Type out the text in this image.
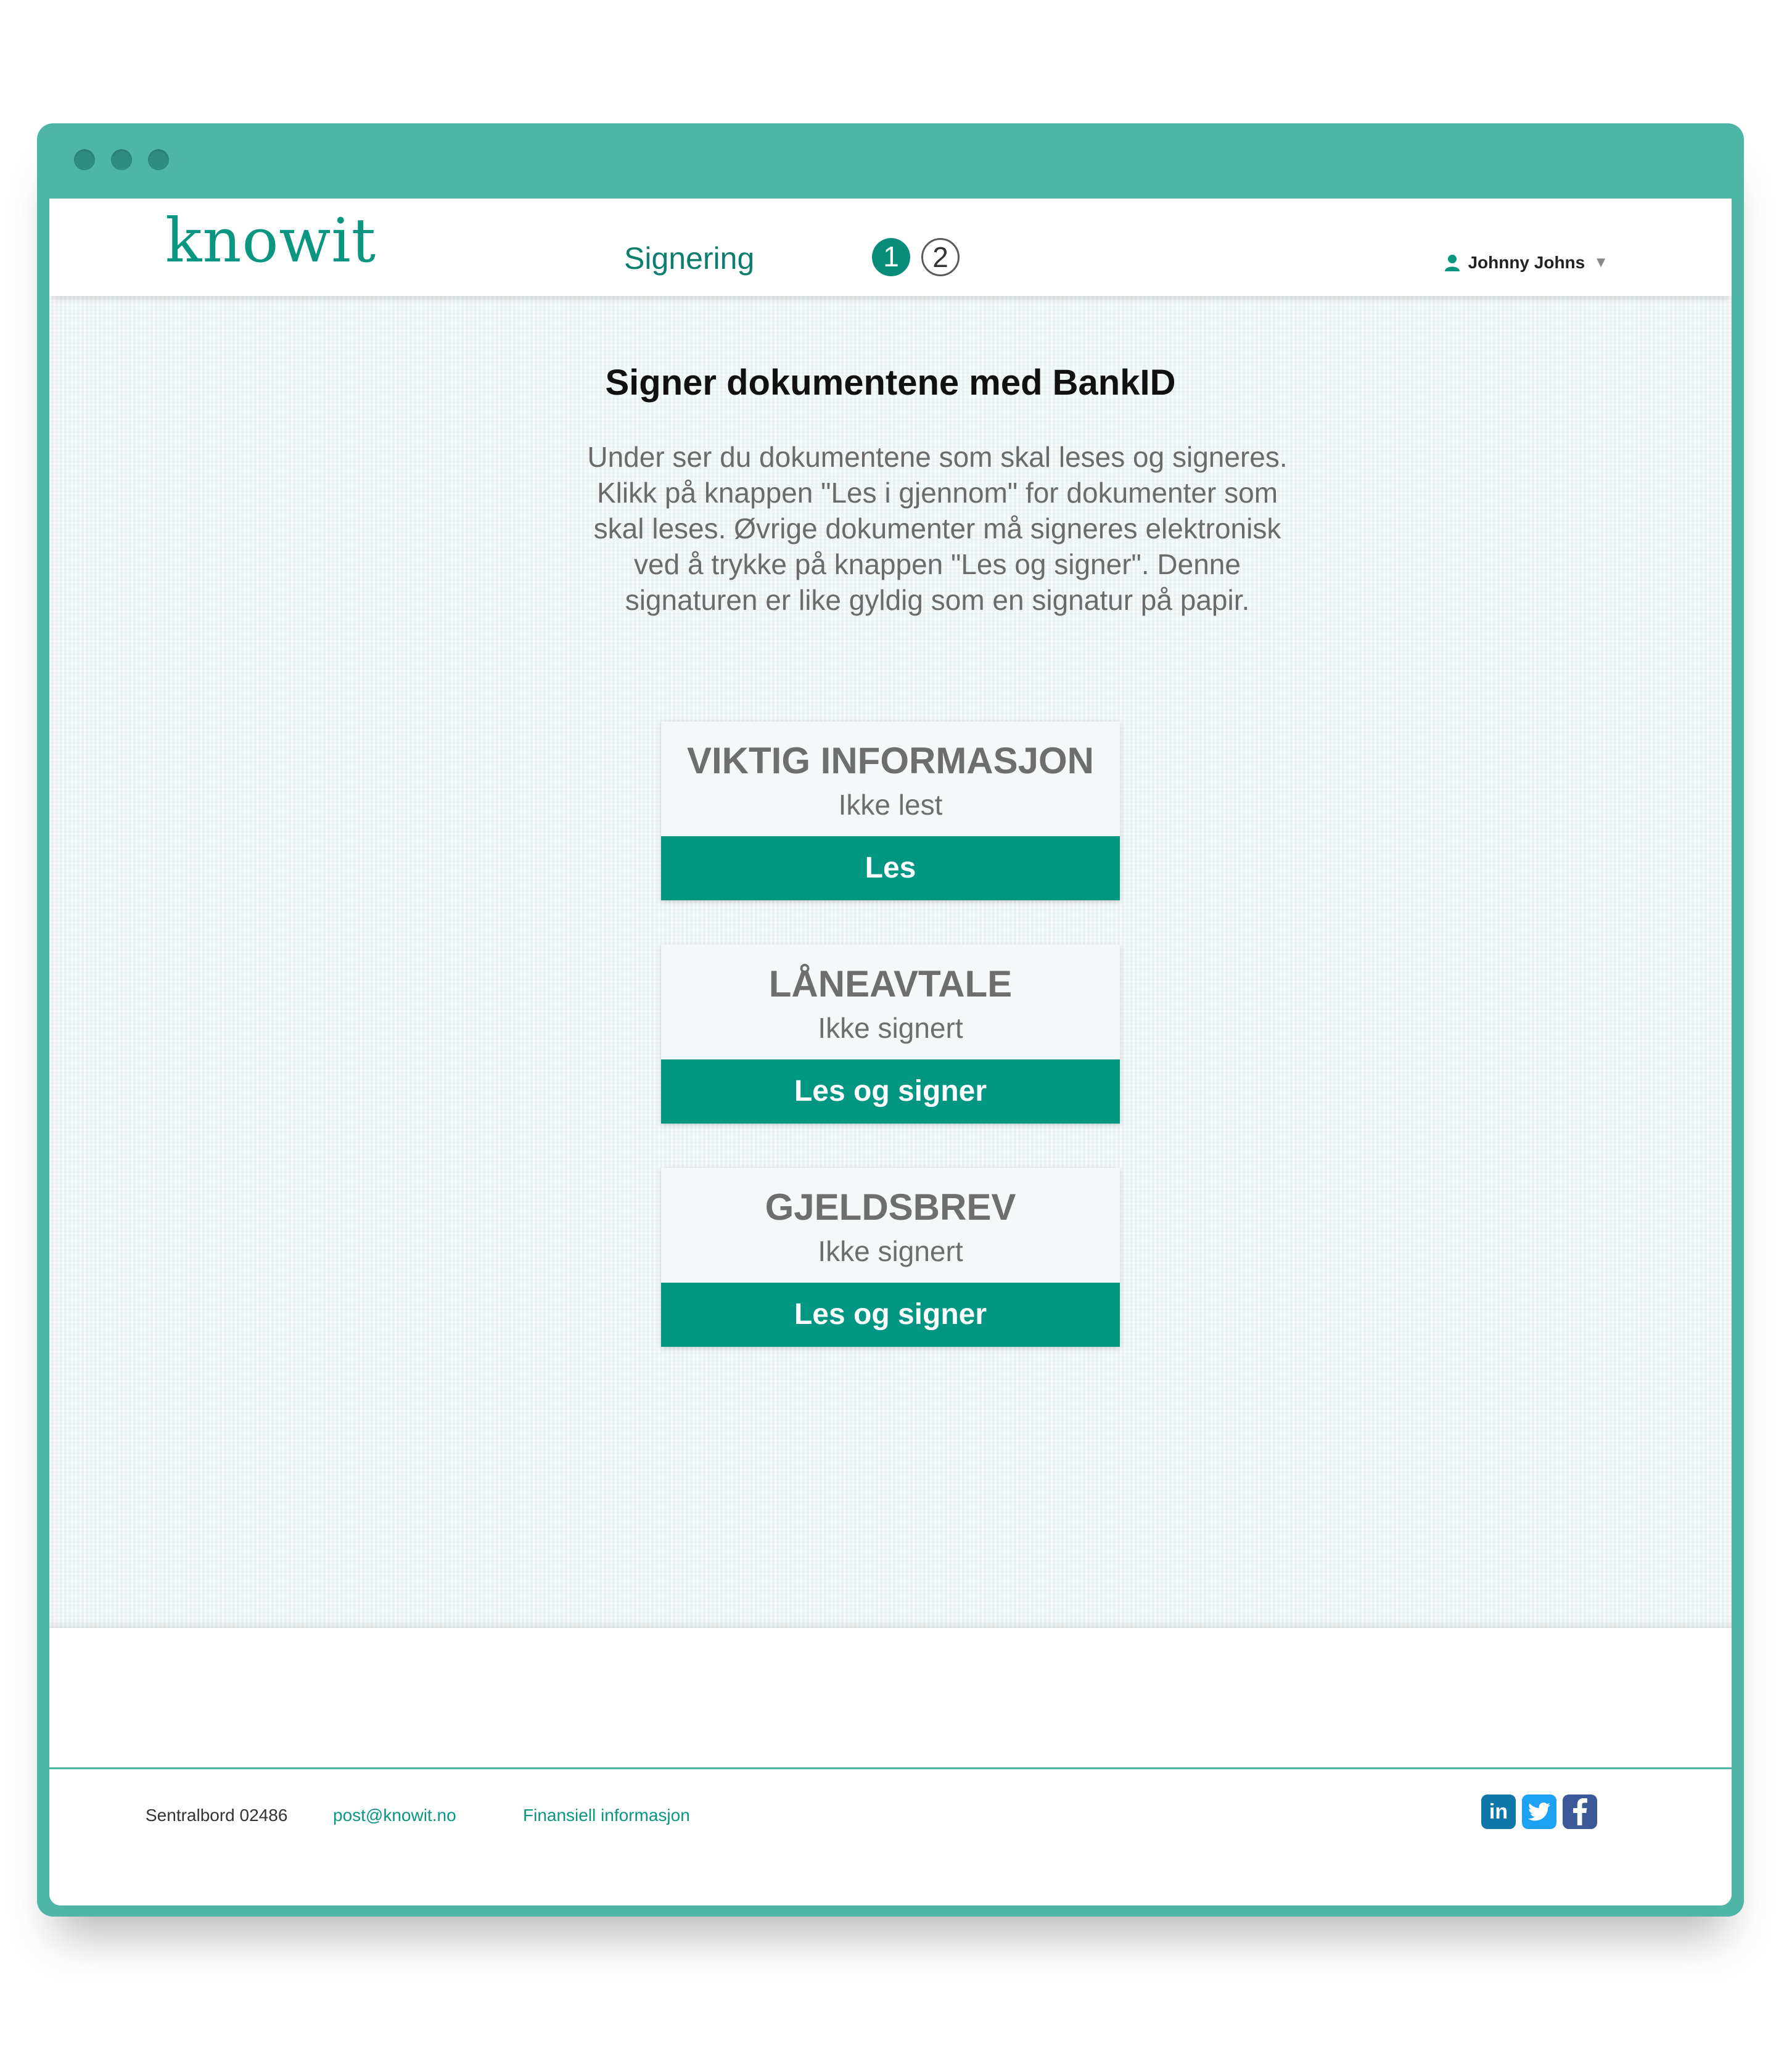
knowit	Signering	1	2	Johnny Johns ▼
Signer dokumentene med BankID
Under ser du dokumentene som skal leses og signeres. Klikk på knappen "Les i gjennom" for dokumenter som skal leses. Øvrige dokumenter må signeres elektronisk ved å trykke på knappen "Les og signer". Denne signaturen er like gyldig som en signatur på papir.
VIKTIG INFORMASJON
Ikke lest
Les
LÅNEAVTALE
Ikke signert
Les og signer
GJELDSBREV
Ikke signert
Les og signer
Sentralbord 02486	post@knowit.no	Finansiell informasjon	in
